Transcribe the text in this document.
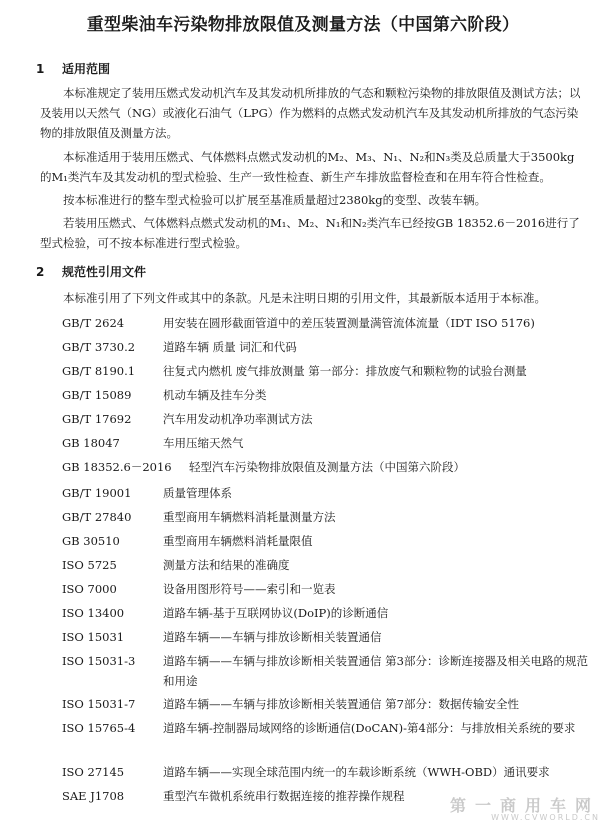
重型柴油车污染物排放限值及测量方法（中国第六阶段）
1 适用范围

本标准规定了装用压燃式发动机汽车及其发动机所排放的气态和颗粒污染物的排放限值及测试方法；以及装用以天然气（NG）或液化石油气（LPG）作为燃料的点燃式发动机汽车及其发动机所排放的气态污染物的排放限值及测量方法。

本标准适用于装用压燃式、气体燃料点燃式发动机的M₂、M₃、N₁、N₂和N₃类及总质量大于3500kg的M₁类汽车及其发动机的型式检验、生产一致性检查、新生产车排放监督检查和在用车符合性检查。

按本标准进行的整车型式检验可以扩展至基准质量超过2380kg的变型、改装车辆。

若装用压燃式、气体燃料点燃式发动机的M₁、M₂、N₁和N₂类汽车已经按GB 18352.6－2016进行了型式检验，可不按本标准进行型式检验。

2 规范性引用文件

本标准引用了下列文件或其中的条款。凡是未注明日期的引用文件，其最新版本适用于本标准。

GB/T 2624	用安装在圆形截面管道中的差压装置测量满管流体流量（IDT ISO 5176)
GB/T 3730.2 道路车辆 质量 词汇和代码
GB/T 8190.1 往复式内燃机 废气排放测量 第一部分：排放废气和颗粒物的试验台测量
GB/T 15089	机动车辆及挂车分类
GB/T 17692	汽车用发动机净功率测试方法
GB 18047	车用压缩天然气
GB 18352.6－2016 轻型汽车污染物排放限值及测量方法（中国第六阶段）
GB/T 19001	质量管理体系
GB/T 27840	重型商用车辆燃料消耗量测量方法
GB 30510	重型商用车辆燃料消耗量限值
ISO 5725	测量方法和结果的准确度
ISO 7000	设备用图形符号——索引和一览表
ISO 13400	道路车辆-基于互联网协议(DoIP)的诊断通信
ISO 15031	道路车辆——车辆与排放诊断相关装置通信
ISO 15031-3 道路车辆——车辆与排放诊断相关装置通信 第3部分：诊断连接器及相关电路的规范和用途
ISO 15031-7 道路车辆——车辆与排放诊断相关装置通信 第7部分：数据传输安全性
ISO 15765-4 道路车辆-控制器局域网络的诊断通信(DoCAN)-第4部分：与排放相关系统的要求
ISO 27145	道路车辆——实现全球范围内统一的车载诊断系统（WWH-OBD）通讯要求
SAE J1708	重型汽车微机系统串行数据连接的推荐操作规程	第一商用车网
WWW.CVWORLD.CN
